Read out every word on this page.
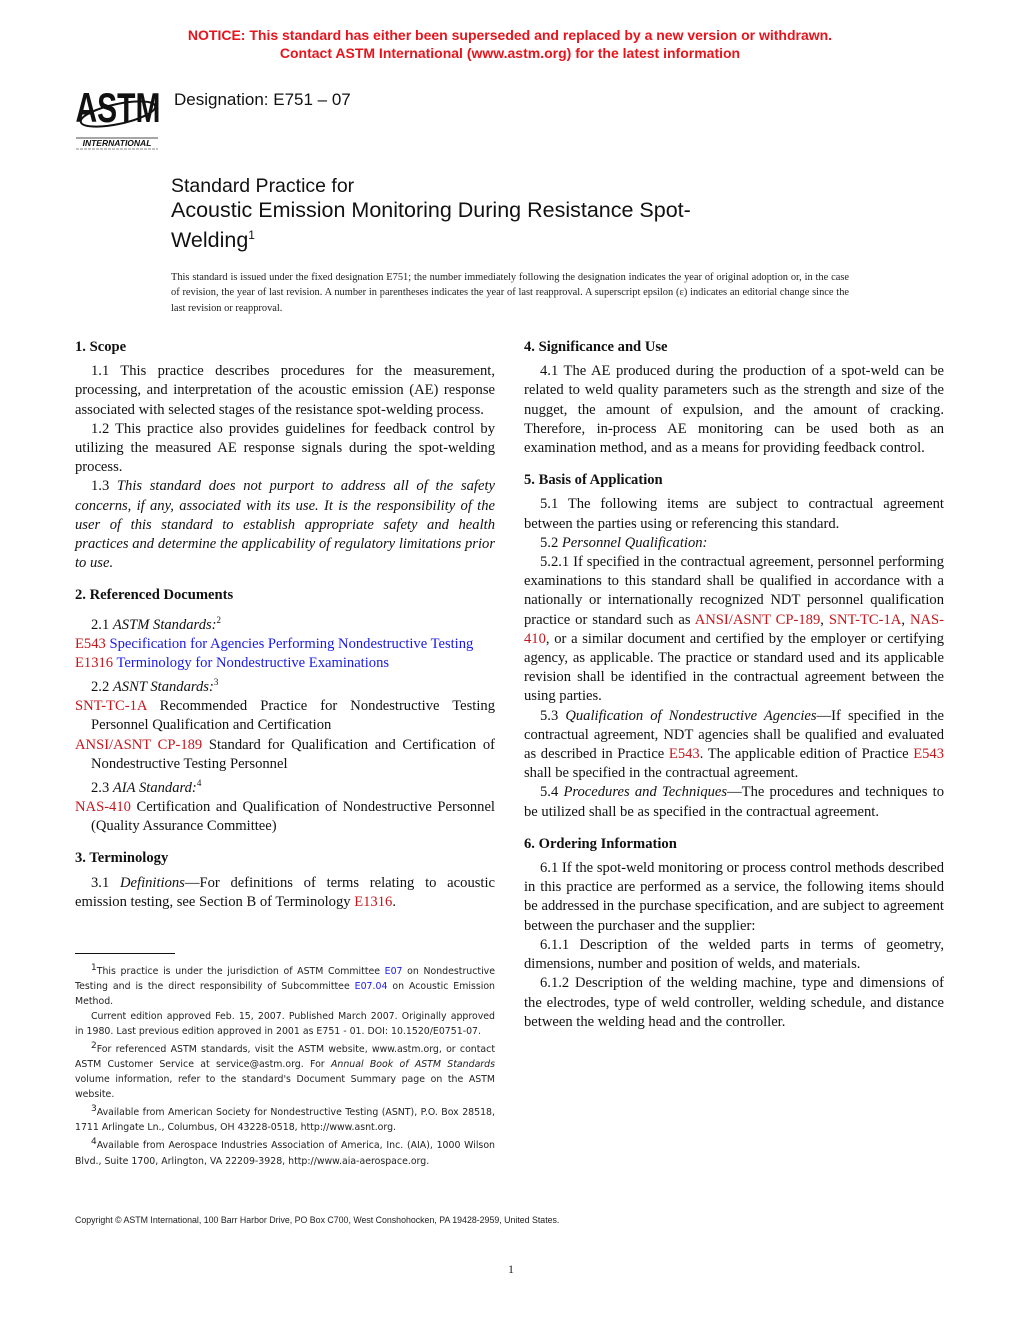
NOTICE: This standard has either been superseded and replaced by a new version or withdrawn.
Contact ASTM International (www.astm.org) for the latest information
ASTM
INTERNATIONAL
Designation: E751 – 07
Standard Practice for
Acoustic Emission Monitoring During Resistance Spot-
Welding$^1$
This standard is issued under the fixed designation E751; the number immediately following the designation indicates the year of original adoption or, in the case of revision, the year of last revision. A number in parentheses indicates the year of last reapproval. A superscript epsilon (ε) indicates an editorial change since the last revision or reapproval.
1. Scope

1.1 This practice describes procedures for the measurement, processing, and interpretation of the acoustic emission (AE) response associated with selected stages of the resistance spot-welding process.

1.2 This practice also provides guidelines for feedback control by utilizing the measured AE response signals during the spot-welding process.

1.3 This standard does not purport to address all of the safety concerns, if any, associated with its use. It is the responsibility of the user of this standard to establish appropriate safety and health practices and determine the applicability of regulatory limitations prior to use.

2. Referenced Documents

2.1 ASTM Standards:$^2$

E543 Specification for Agencies Performing Nondestructive Testing

E1316 Terminology for Nondestructive Examinations

2.2 ASNT Standards:$^3$

SNT-TC-1A Recommended Practice for Nondestructive Testing Personnel Qualification and Certification

ANSI/ASNT CP-189 Standard for Qualification and Certification of Nondestructive Testing Personnel

2.3 AIA Standard:$^4$

NAS-410 Certification and Qualification of Nondestructive Personnel (Quality Assurance Committee)

3. Terminology

3.1 Definitions—For definitions of terms relating to acoustic emission testing, see Section B of Terminology E1316.

4. Significance and Use

4.1 The AE produced during the production of a spot-weld can be related to weld quality parameters such as the strength and size of the nugget, the amount of expulsion, and the amount of cracking. Therefore, in-process AE monitoring can be used both as an examination method, and as a means for providing feedback control.

5. Basis of Application

5.1 The following items are subject to contractual agreement between the parties using or referencing this standard.

5.2 Personnel Qualification:

5.2.1 If specified in the contractual agreement, personnel performing examinations to this standard shall be qualified in accordance with a nationally or internationally recognized NDT personnel qualification practice or standard such as ANSI/ASNT CP-189, SNT-TC-1A, NAS-410, or a similar document and certified by the employer or certifying agency, as applicable. The practice or standard used and its applicable revision shall be identified in the contractual agreement between the using parties.

5.3 Qualification of Nondestructive Agencies—If specified in the contractual agreement, NDT agencies shall be qualified and evaluated as described in Practice E543. The applicable edition of Practice E543 shall be specified in the contractual agreement.

5.4 Procedures and Techniques—The procedures and techniques to be utilized shall be as specified in the contractual agreement.

6. Ordering Information

6.1 If the spot-weld monitoring or process control methods described in this practice are performed as a service, the following items should be addressed in the purchase specification, and are subject to agreement between the purchaser and the supplier:

6.1.1 Description of the welded parts in terms of geometry, dimensions, number and position of welds, and materials.

6.1.2 Description of the welding machine, type and dimensions of the electrodes, type of weld controller, welding schedule, and distance between the welding head and the controller.

$^1$This practice is under the jurisdiction of ASTM Committee E07 on Nondestructive Testing and is the direct responsibility of Subcommittee E07.04 on Acoustic Emission Method.

Current edition approved Feb. 15, 2007. Published March 2007. Originally approved in 1980. Last previous edition approved in 2001 as E751 - 01. DOI: 10.1520/E0751-07.

$^2$For referenced ASTM standards, visit the ASTM website, www.astm.org, or contact ASTM Customer Service at service@astm.org. For Annual Book of ASTM Standards volume information, refer to the standard's Document Summary page on the ASTM website.

$^3$Available from American Society for Nondestructive Testing (ASNT), P.O. Box 28518, 1711 Arlingate Ln., Columbus, OH 43228-0518, http://www.asnt.org.

$^4$Available from Aerospace Industries Association of America, Inc. (AIA), 1000 Wilson Blvd., Suite 1700, Arlington, VA 22209-3928, http://www.aia-aerospace.org.

Copyright © ASTM International, 100 Barr Harbor Drive, PO Box C700, West Conshohocken, PA 19428-2959, United States.
1
